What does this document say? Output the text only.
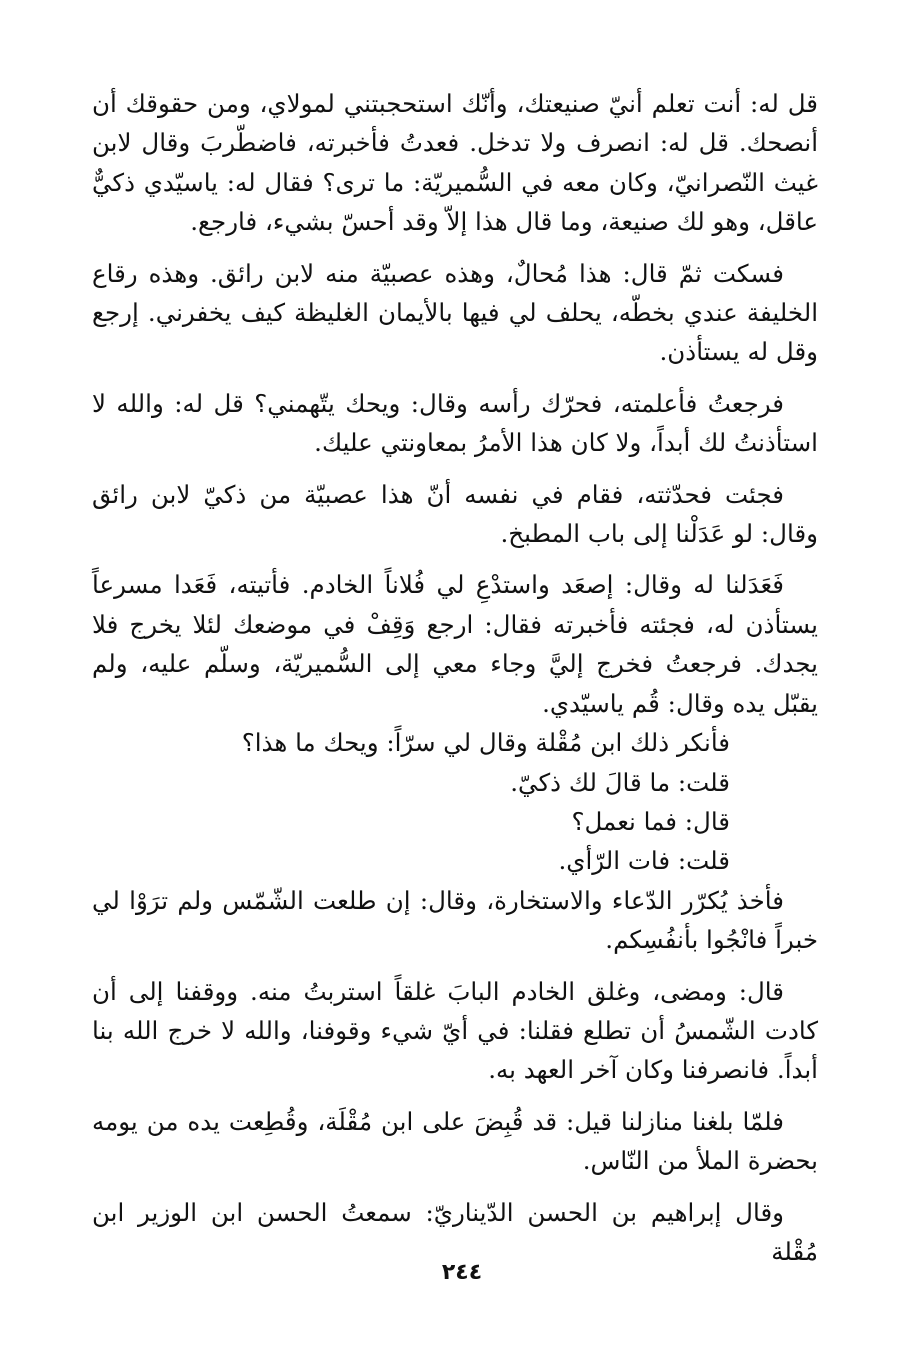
قل له: أنت تعلم أنيّ صنيعتك، وأنّك استحجبتني لمولاي، ومن حقوقك أن أنصحك. قل له: انصرف ولا تدخل. فعدتُ فأخبرته، فاضطّربَ وقال لابن غيث النّصرانيّ، وكان معه في السُّميريّة: ما ترى؟ فقال له: ياسيّدي ذكيٌّ عاقل، وهو لك صنيعة، وما قال هذا إلاّ وقد أحسّ بشيء، فارجع.

فسكت ثمّ قال: هذا مُحالٌ، وهذه عصبيّة منه لابن رائق. وهذه رقاع الخليفة عندي بخطّه، يحلف لي فيها بالأيمان الغليظة كيف يخفرني. إرجع وقل له يستأذن.

فرجعتُ فأعلمته، فحرّك رأسه وقال: ويحك يتّهمني؟ قل له: والله لا استأذنتُ لك أبداً، ولا كان هذا الأمرُ بمعاونتي عليك.

فجئت فحدّثته، فقام في نفسه أنّ هذا عصبيّة من ذكيّ لابن رائق وقال: لو عَدَلْنا إلى باب المطبخ.

فَعَدَلنا له وقال: إصعَد واستدْعِ لي فُلاناً الخادم. فأتيته، فَعَدا مسرعاً يستأذن له، فجئته فأخبرته فقال: ارجع وَقِفْ في موضعك لئلا يخرج فلا يجدك. فرجعتُ فخرج إليَّ وجاء معي إلى السُّميريّة، وسلّم عليه، ولم يقبّل يده وقال: قُم ياسيّدي.

فأنكر ذلك ابن مُقْلة وقال لي سرّاً: ويحك ما هذا؟

قلت: ما قالَ لك ذكيّ.

قال: فما نعمل؟

قلت: فات الرّأي.

فأخذ يُكرّر الدّعاء والاستخارة، وقال: إن طلعت الشّمّس ولم ترَوْا لي خبراً فانْجُوا بأنفُسِكم.

قال: ومضى، وغلق الخادم البابَ غلقاً استربتُ منه. ووقفنا إلى أن كادت الشّمسُ أن تطلع فقلنا: في أيّ شيء وقوفنا، والله لا خرج الله بنا أبداً. فانصرفنا وكان آخر العهد به.

فلمّا بلغنا منازلنا قيل: قد قُبِضَ على ابن مُقْلَة، وقُطِعت يده من يومه بحضرة الملأ من النّاس.

وقال إبراهيم بن الحسن الدّيناريّ: سمعتُ الحسن ابن الوزير ابن مُقْلة

٢٤٤
